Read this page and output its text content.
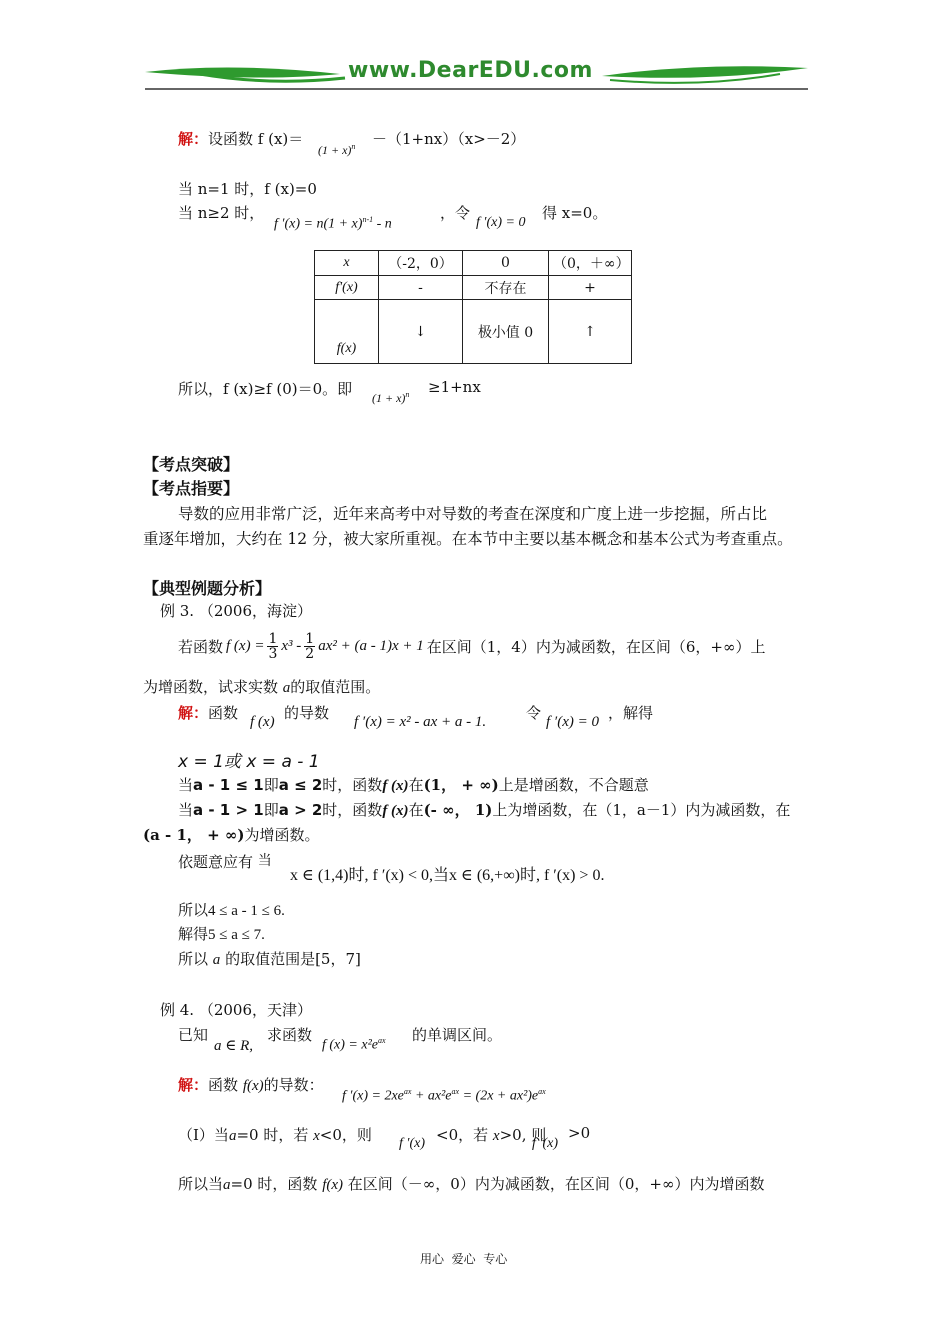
www.DearEDU.com
解：设函数 f (x)＝
$(1 + x)^n -(1+nx)(x>-2)$
当 n=1 时，f (x)=0
当 n≥2 时，
f $'(x) = n(1 + x)^{n-1} - n$
，令
f ′(x) = 0
得 x=0。
x	（-2，0）	0	（0，＋∞）
f'(x)	-	不存在	+
f(x)	↓	极小值 0	↑
所以，f (x)≥f (0)＝0。即 $(1 + x)^n \ge 1+nx$
【考点突破】
【考点指要】
导数的应用非常广泛，近年来高考中对导数的考查在深度和广度上进一步挖掘，所占比
重逐年增加，大约在 12 分，被大家所重视。在本节中主要以基本概念和基本公式为考查重点。
【典型例题分析】
例 3. （2006，海淀）
若函数 f $(x) = \frac{1}{3} x^3 - \frac{1}{2} ax^2 + (a - 1)x + 1$ 在区间（1，4）内为减函数，在区间（6，+∞）上
为增函数，试求实数 a的取值范围。
解：函数 f (x) 的导数 f ′(x) = x² - ax + a - 1.	令 f ′(x) = 0 ，解得
x = 1或 x = a - 1
当a - 1 ≤ 1即a ≤ 2时，函数f (x)在(1， + ∞)上是增函数，不合题意
当a - 1 > 1即a > 2时，函数f (x)在(- ∞， 1)上为增函数，在（1，a－1）内为减函数，在
(a - 1， + ∞)为增函数。
依题意应有 当
x ∈ (1,4)时, f ′(x) < 0,当x ∈ (6,+∞)时, f ′(x) > 0.
所以4 ≤ a - 1 ≤ 6.
解得5 ≤ a ≤ 7.
所以 a 的取值范围是[5，7]
例 4. （2006，天津）
已知
a ∈ R,
求函数
f $(x) = x^2e^{ax}$ 的单调区间。
解：函数 f(x)的导数：
f $'(x) = 2xe^{ax} + ax^2e^{ax} = (2x + ax^2)e^{ax}$
（I）当a=0 时，若 x<0，则 f ′(x) <0，若 x>0, 则
f ′(x)
>0
所以当a=0 时，函数 f(x) 在区间（－∞，0）内为减函数，在区间（0，+∞）内为增函数
用心  爱心  专心
